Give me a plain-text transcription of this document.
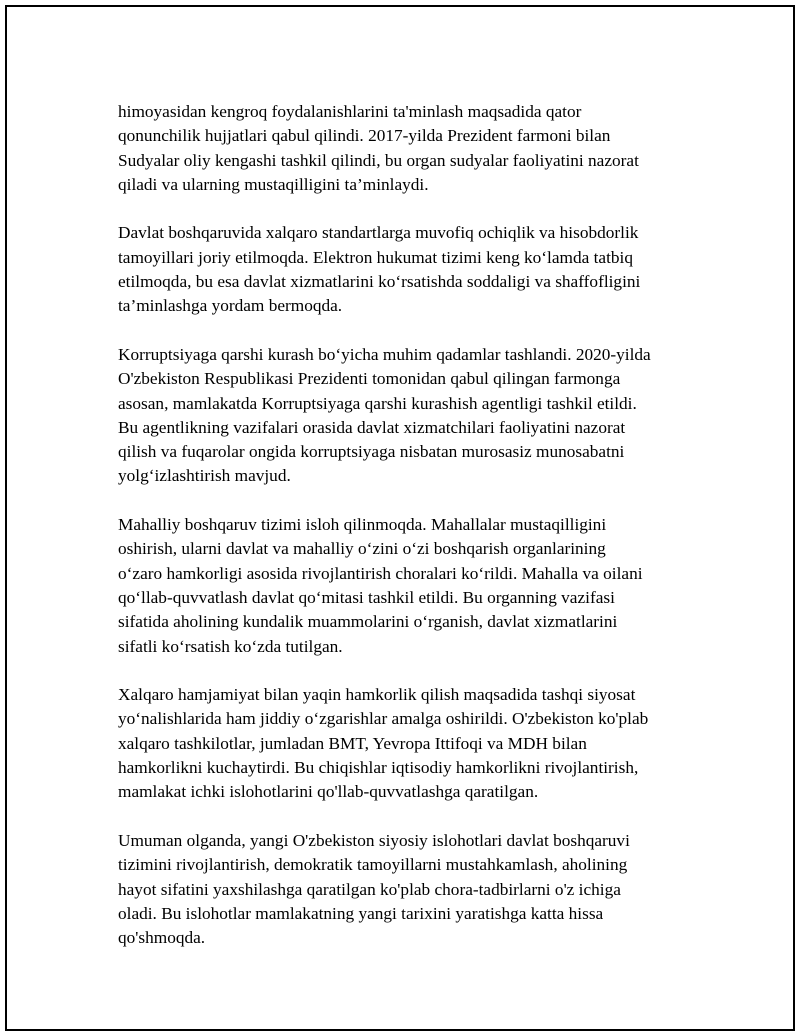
himoyasidan kengroq foydalanishlarini ta'minlash maqsadida qator
qonunchilik hujjatlari qabul qilindi. 2017-yilda Prezident farmoni bilan
Sudyalar oliy kengashi tashkil qilindi, bu organ sudyalar faoliyatini nazorat
qiladi va ularning mustaqilligini ta’minlaydi.

Davlat boshqaruvida xalqaro standartlarga muvofiq ochiqlik va hisobdorlik
tamoyillari joriy etilmoqda. Elektron hukumat tizimi keng koʻlamda tatbiq
etilmoqda, bu esa davlat xizmatlarini koʻrsatishda soddaligi va shaffofligini
ta’minlashga yordam bermoqda.

Korruptsiyaga qarshi kurash boʻyicha muhim qadamlar tashlandi. 2020-yilda
O'zbekiston Respublikasi Prezidenti tomonidan qabul qilingan farmonga
asosan, mamlakatda Korruptsiyaga qarshi kurashish agentligi tashkil etildi.
Bu agentlikning vazifalari orasida davlat xizmatchilari faoliyatini nazorat
qilish va fuqarolar ongida korruptsiyaga nisbatan murosasiz munosabatni
yolgʻizlashtirish mavjud.

Mahalliy boshqaruv tizimi isloh qilinmoqda. Mahallalar mustaqilligini
oshirish, ularni davlat va mahalliy oʻzini oʻzi boshqarish organlarining
oʻzaro hamkorligi asosida rivojlantirish choralari koʻrildi. Mahalla va oilani
qoʻllab-quvvatlash davlat qoʻmitasi tashkil etildi. Bu organning vazifasi
sifatida aholining kundalik muammolarini oʻrganish, davlat xizmatlarini
sifatli koʻrsatish koʻzda tutilgan.

Xalqaro hamjamiyat bilan yaqin hamkorlik qilish maqsadida tashqi siyosat
yoʻnalishlarida ham jiddiy oʻzgarishlar amalga oshirildi. O'zbekiston ko'plab
xalqaro tashkilotlar, jumladan BMT, Yevropa Ittifoqi va MDH bilan
hamkorlikni kuchaytirdi. Bu chiqishlar iqtisodiy hamkorlikni rivojlantirish,
mamlakat ichki islohotlarini qo'llab-quvvatlashga qaratilgan.

Umuman olganda, yangi O'zbekiston siyosiy islohotlari davlat boshqaruvi
tizimini rivojlantirish, demokratik tamoyillarni mustahkamlash, aholining
hayot sifatini yaxshilashga qaratilgan ko'plab chora-tadbirlarni o'z ichiga
oladi. Bu islohotlar mamlakatning yangi tarixini yaratishga katta hissa
qo'shmoqda.
